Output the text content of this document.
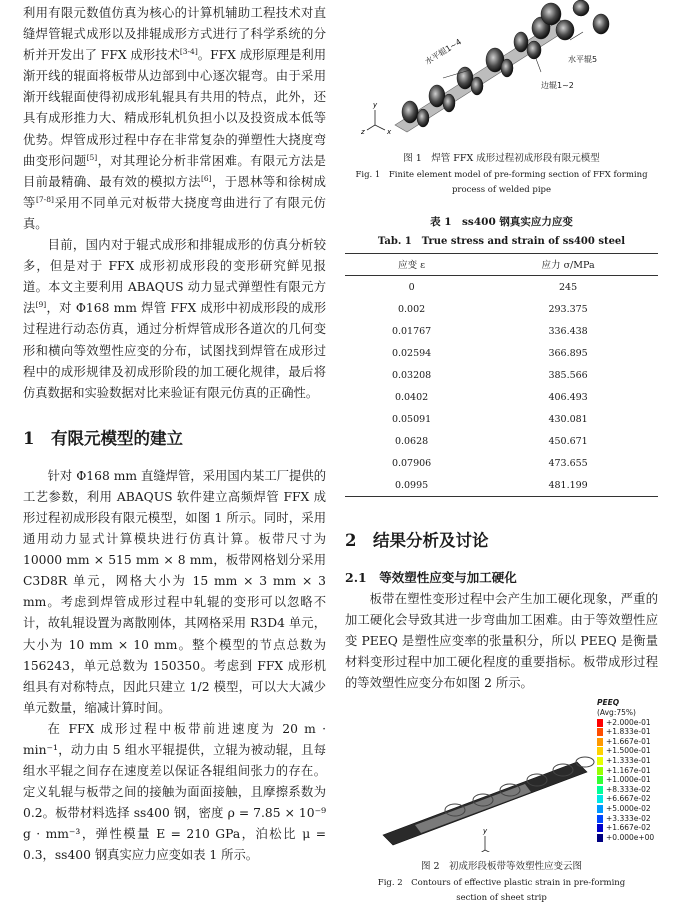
利用有限元数值仿真为核心的计算机辅助工程技术对直缝焊管辊式成形以及排辊成形方式进行了科学系统的分析并开发出了 FFX 成形技术[3-4]。FFX 成形原理是利用渐开线的辊面将板带从边部到中心逐次辊弯。由于采用渐开线辊面使得初成形轧辊具有共用的特点，此外，还具有成形推力大、精成形轧机负担小以及投资成本低等优势。焊管成形过程中存在非常复杂的弹塑性大挠度弯曲变形问题[5]，对其理论分析非常困难。有限元方法是目前最精确、最有效的模拟方法[6]，于恩林等和徐树成等[7-8]采用不同单元对板带大挠度弯曲进行了有限元仿真。

目前，国内对于辊式成形和排辊成形的仿真分析较多，但是对于 FFX 成形初成形段的变形研究鲜见报道。本文主要利用 ABAQUS 动力显式弹塑性有限元方法[9]，对 Φ168 mm 焊管 FFX 成形中初成形段的成形过程进行动态仿真，通过分析焊管成形各道次的几何变形和横向等效塑性应变的分布，试图找到焊管在成形过程中的成形规律及初成形阶段的加工硬化规律，最后将仿真数据和实验数据对比来验证有限元仿真的正确性。

1　 有限元模型的建立

针对 Φ168 mm 直缝焊管，采用国内某工厂提供的工艺参数，利用 ABAQUS 软件建立高频焊管 FFX 成形过程初成形段有限元模型，如图 1 所示。同时，采用通用动力显式计算模块进行仿真计算。板带尺寸为 10000 mm × 515 mm × 8 mm，板带网格划分采用 C3D8R 单元，网格大小为 15 mm × 3 mm × 3 mm。考虑到焊管成形过程中轧辊的变形可以忽略不计，故轧辊设置为离散刚体，其网格采用 R3D4 单元，大小为 10 mm × 10 mm。整个模型的节点总数为 156243，单元总数为 150350。考虑到 FFX 成形机组具有对称特点，因此只建立 1/2 模型，可以大大减少单元数量，缩减计算时间。

在 FFX 成形过程中板带前进速度为 20 m · min⁻¹，动力由 5 组水平辊提供，立辊为被动辊，且每组水平辊之间存在速度差以保证各辊组间张力的存在。定义轧辊与板带之间的接触为面面接触，且摩擦系数为 0.2。板带材料选择 ss400 钢，密度 ρ = 7.85 × 10⁻⁹ g · mm⁻³，弹性模量 E = 210 GPa，泊松比 μ = 0.3，ss400 钢真实应力应变如表 1 所示。

y
z	x
水平辊1~4	水平辊5
边辊1~2

图 1　焊管 FFX 成形过程初成形段有限元模型

Fig. 1　Finite element model of pre-forming section of FFX forming

process of welded pipe

表 1　ss400 钢真实应力应变

Tab. 1　True stress and strain of ss400 steel

应变 ε	应力 σ/MPa
0	245
0.002	293.375
0.01767	336.438
0.02594	366.895
0.03208	385.566
0.0402	406.493
0.05091	430.081
0.0628	450.671
0.07906	473.655
0.0995	481.199
2　 结果分析及讨论

2.1　 等效塑性应变与加工硬化

板带在塑性变形过程中会产生加工硬化现象，严重的加工硬化会导致其进一步弯曲加工困难。由于等效塑性应变 PEEQ 是塑性应变率的张量积分，所以 PEEQ 是衡量材料变形过程中加工硬化程度的重要指标。板带成形过程的等效塑性应变分布如图 2 所示。

y
PEEQ
(Avg:75%)
+2.000e-01
+1.833e-01
+1.667e-01
+1.500e-01
+1.333e-01
+1.167e-01
+1.000e-01
+8.333e-02
+6.667e-02
+5.000e-02
+3.333e-02
+1.667e-02
+0.000e+00

图 2　初成形段板带等效塑性应变云图

Fig. 2　Contours of effective plastic strain in pre-forming

section of sheet strip
